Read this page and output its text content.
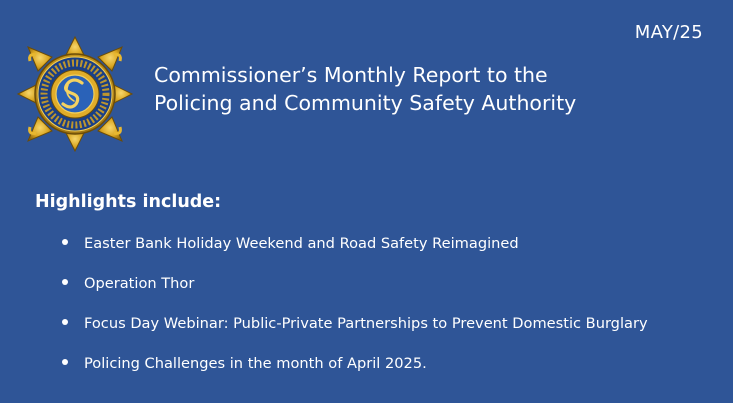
MAY/25
Commissioner’s Monthly Report to the
Policing and Community Safety Authority
Highlights include:
Easter Bank Holiday Weekend and Road Safety Reimagined
Operation Thor
Focus Day Webinar: Public-Private Partnerships to Prevent Domestic Burglary
Policing Challenges in the month of April 2025.
